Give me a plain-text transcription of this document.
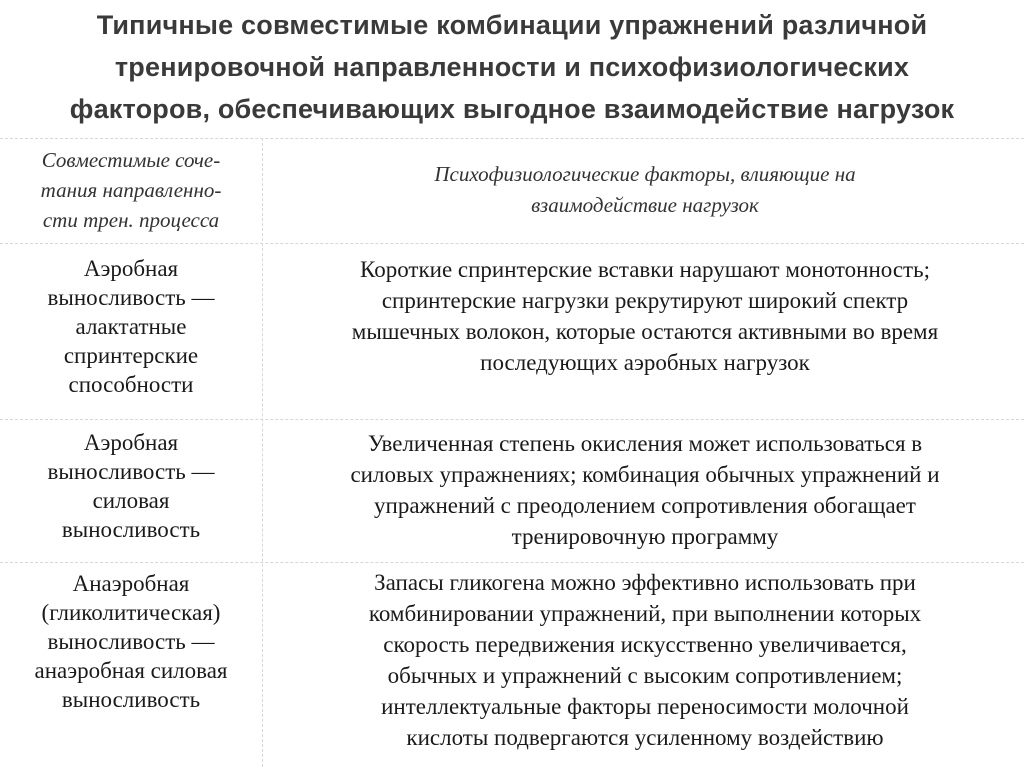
Типичные совместимые комбинации упражнений различной
тренировочной направленности и психофизиологических
факторов, обеспечивающих выгодное взаимодействие нагрузок
Совместимые соче-
тания направленно-
сти трен. процесса
Психофизиологические факторы, влияющие на
взаимодействие нагрузок
Аэробная
выносливость —
алактатные
спринтерские
способности
Короткие спринтерские вставки нарушают монотонность;
спринтерские нагрузки рекрутируют широкий спектр
мышечных волокон, которые остаются активными во время
последующих аэробных нагрузок
Аэробная
выносливость —
силовая
выносливость
Увеличенная степень окисления может использоваться в
силовых упражнениях; комбинация обычных упражнений и
упражнений с преодолением сопротивления обогащает
тренировочную программу
Анаэробная
(гликолитическая)
выносливость —
анаэробная силовая
выносливость
Запасы гликогена можно эффективно использовать при
комбинировании упражнений, при выполнении которых
скорость передвижения искусственно увеличивается,
обычных и упражнений с высоким сопротивлением;
интеллектуальные факторы переносимости молочной
кислоты подвергаются усиленному воздействию
